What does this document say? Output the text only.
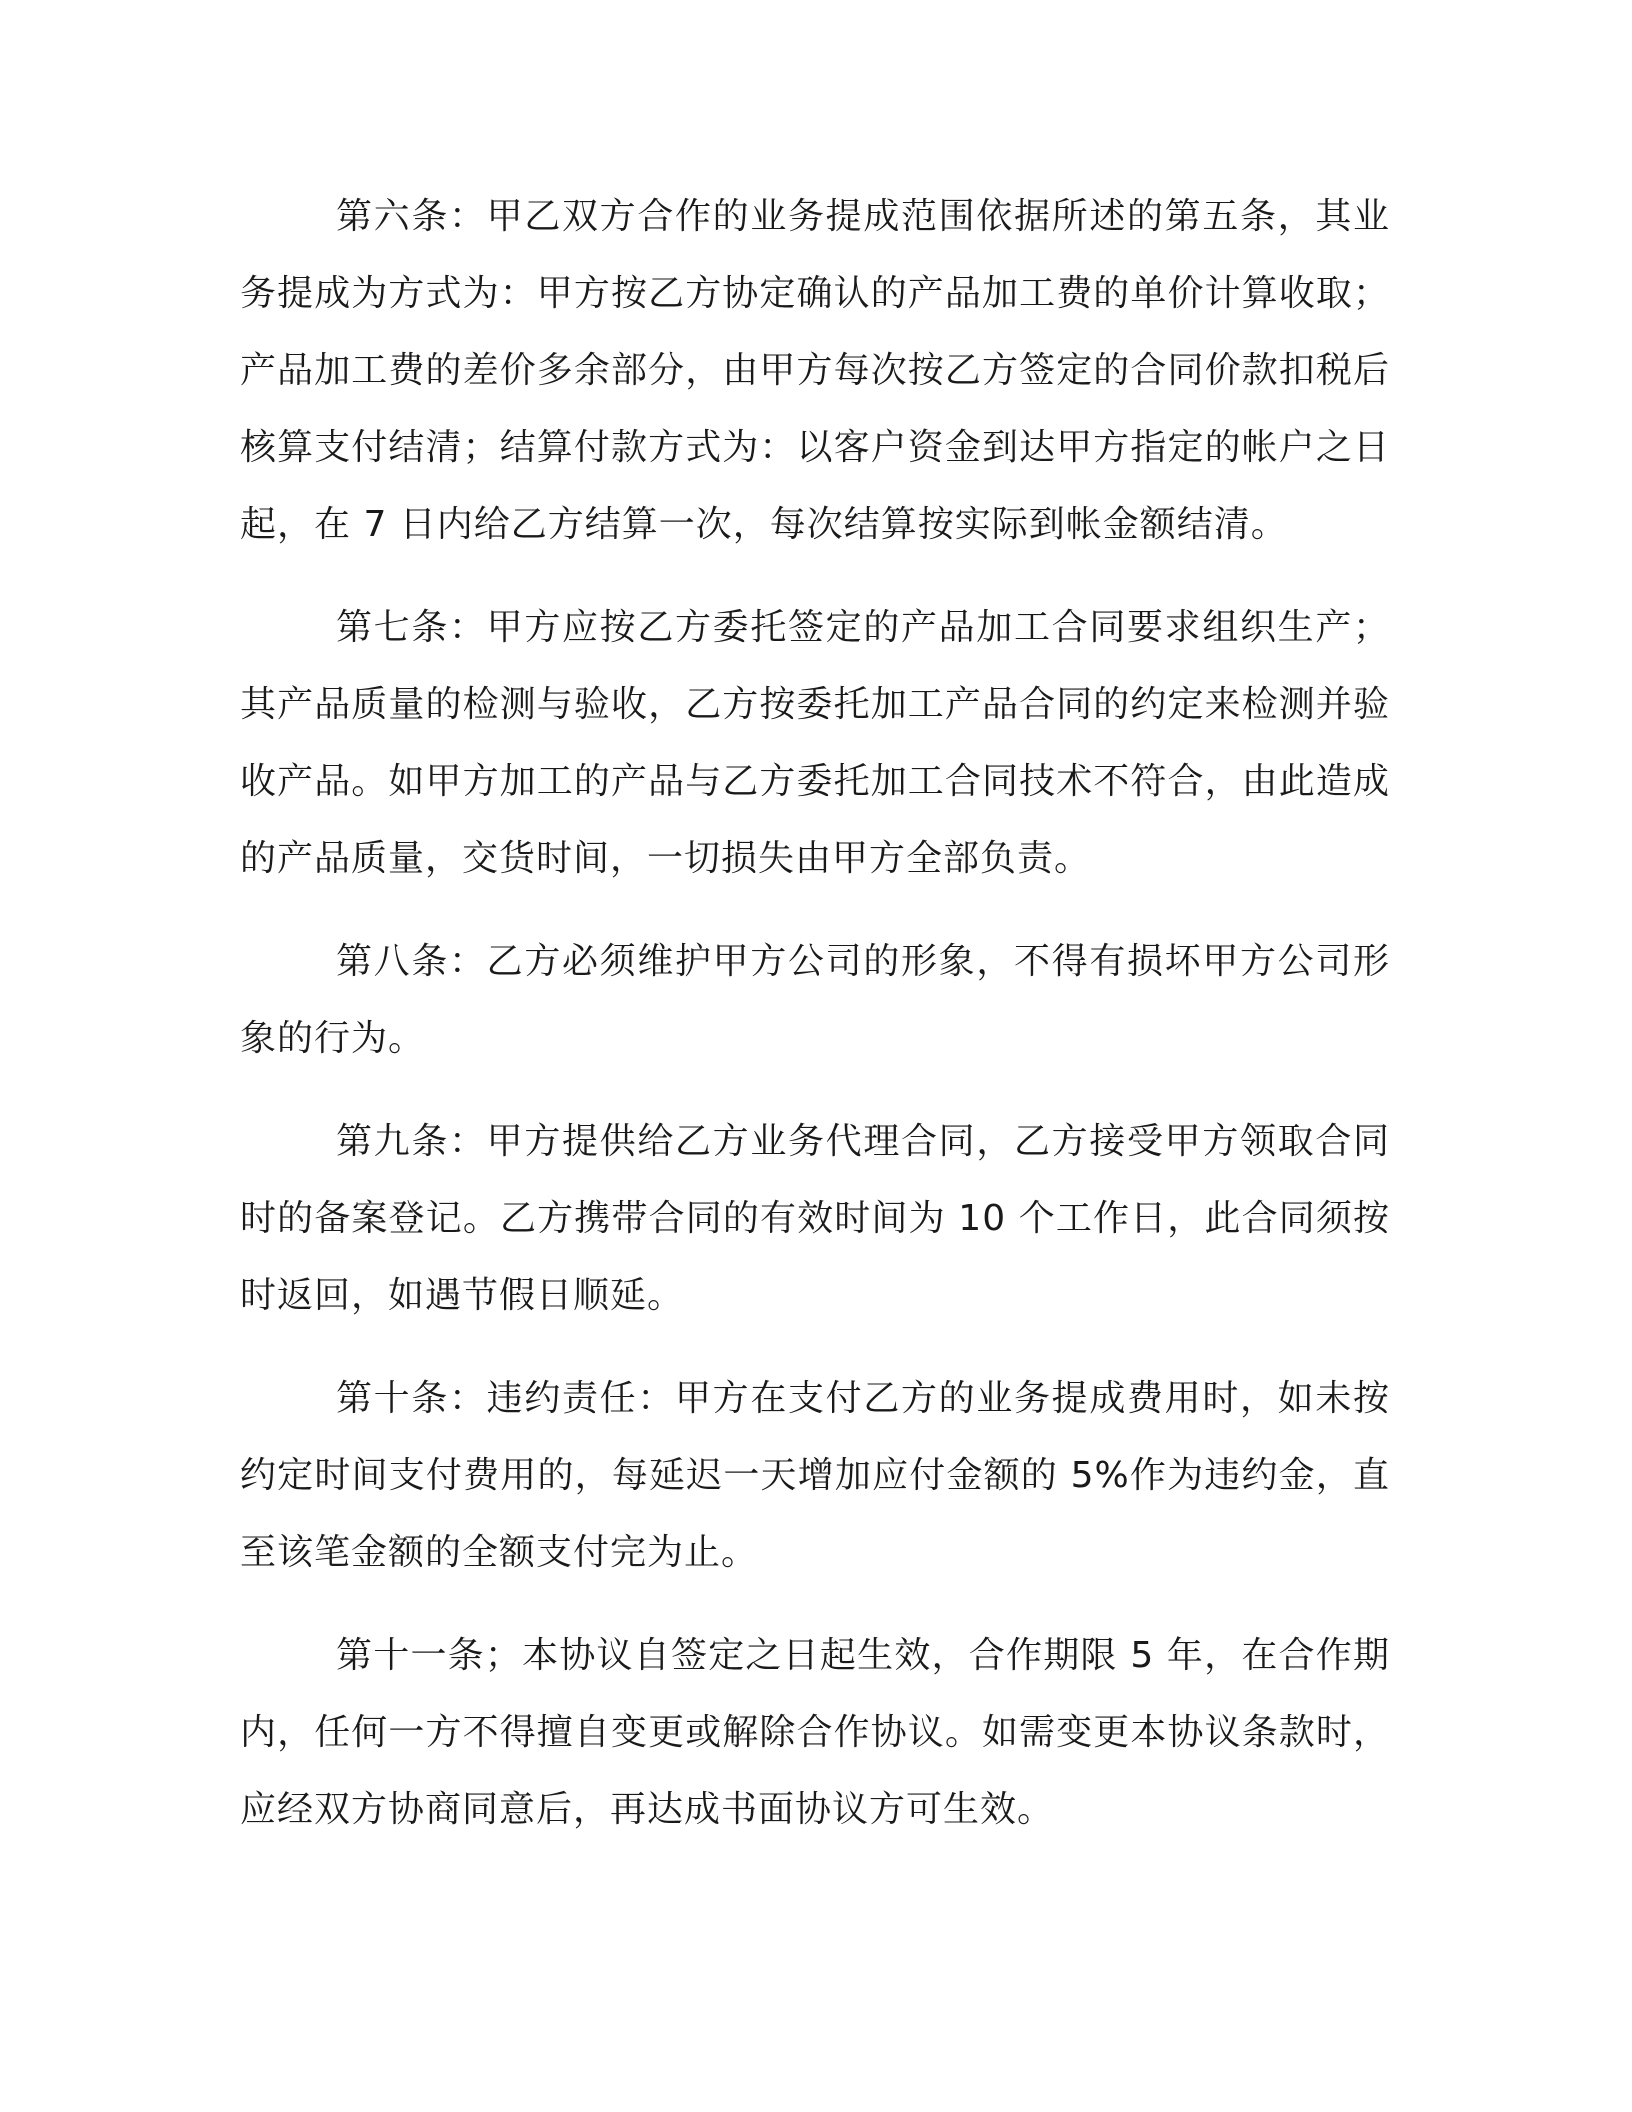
第六条：甲乙双方合作的业务提成范围依据所述的第五条，其业务提成为方式为：甲方按乙方协定确认的产品加工费的单价计算收取；产品加工费的差价多余部分，由甲方每次按乙方签定的合同价款扣税后核算支付结清；结算付款方式为：以客户资金到达甲方指定的帐户之日起，在 7 日内给乙方结算一次，每次结算按实际到帐金额结清。

第七条：甲方应按乙方委托签定的产品加工合同要求组织生产；其产品质量的检测与验收，乙方按委托加工产品合同的约定来检测并验收产品。如甲方加工的产品与乙方委托加工合同技术不符合，由此造成的产品质量，交货时间，一切损失由甲方全部负责。

第八条：乙方必须维护甲方公司的形象，不得有损坏甲方公司形象的行为。

第九条：甲方提供给乙方业务代理合同，乙方接受甲方领取合同时的备案登记。乙方携带合同的有效时间为 10 个工作日，此合同须按时返回，如遇节假日顺延。

第十条：违约责任：甲方在支付乙方的业务提成费用时，如未按约定时间支付费用的，每延迟一天增加应付金额的 5%作为违约金，直至该笔金额的全额支付完为止。

第十一条；本协议自签定之日起生效，合作期限 5 年，在合作期内，任何一方不得擅自变更或解除合作协议。如需变更本协议条款时，应经双方协商同意后，再达成书面协议方可生效。
